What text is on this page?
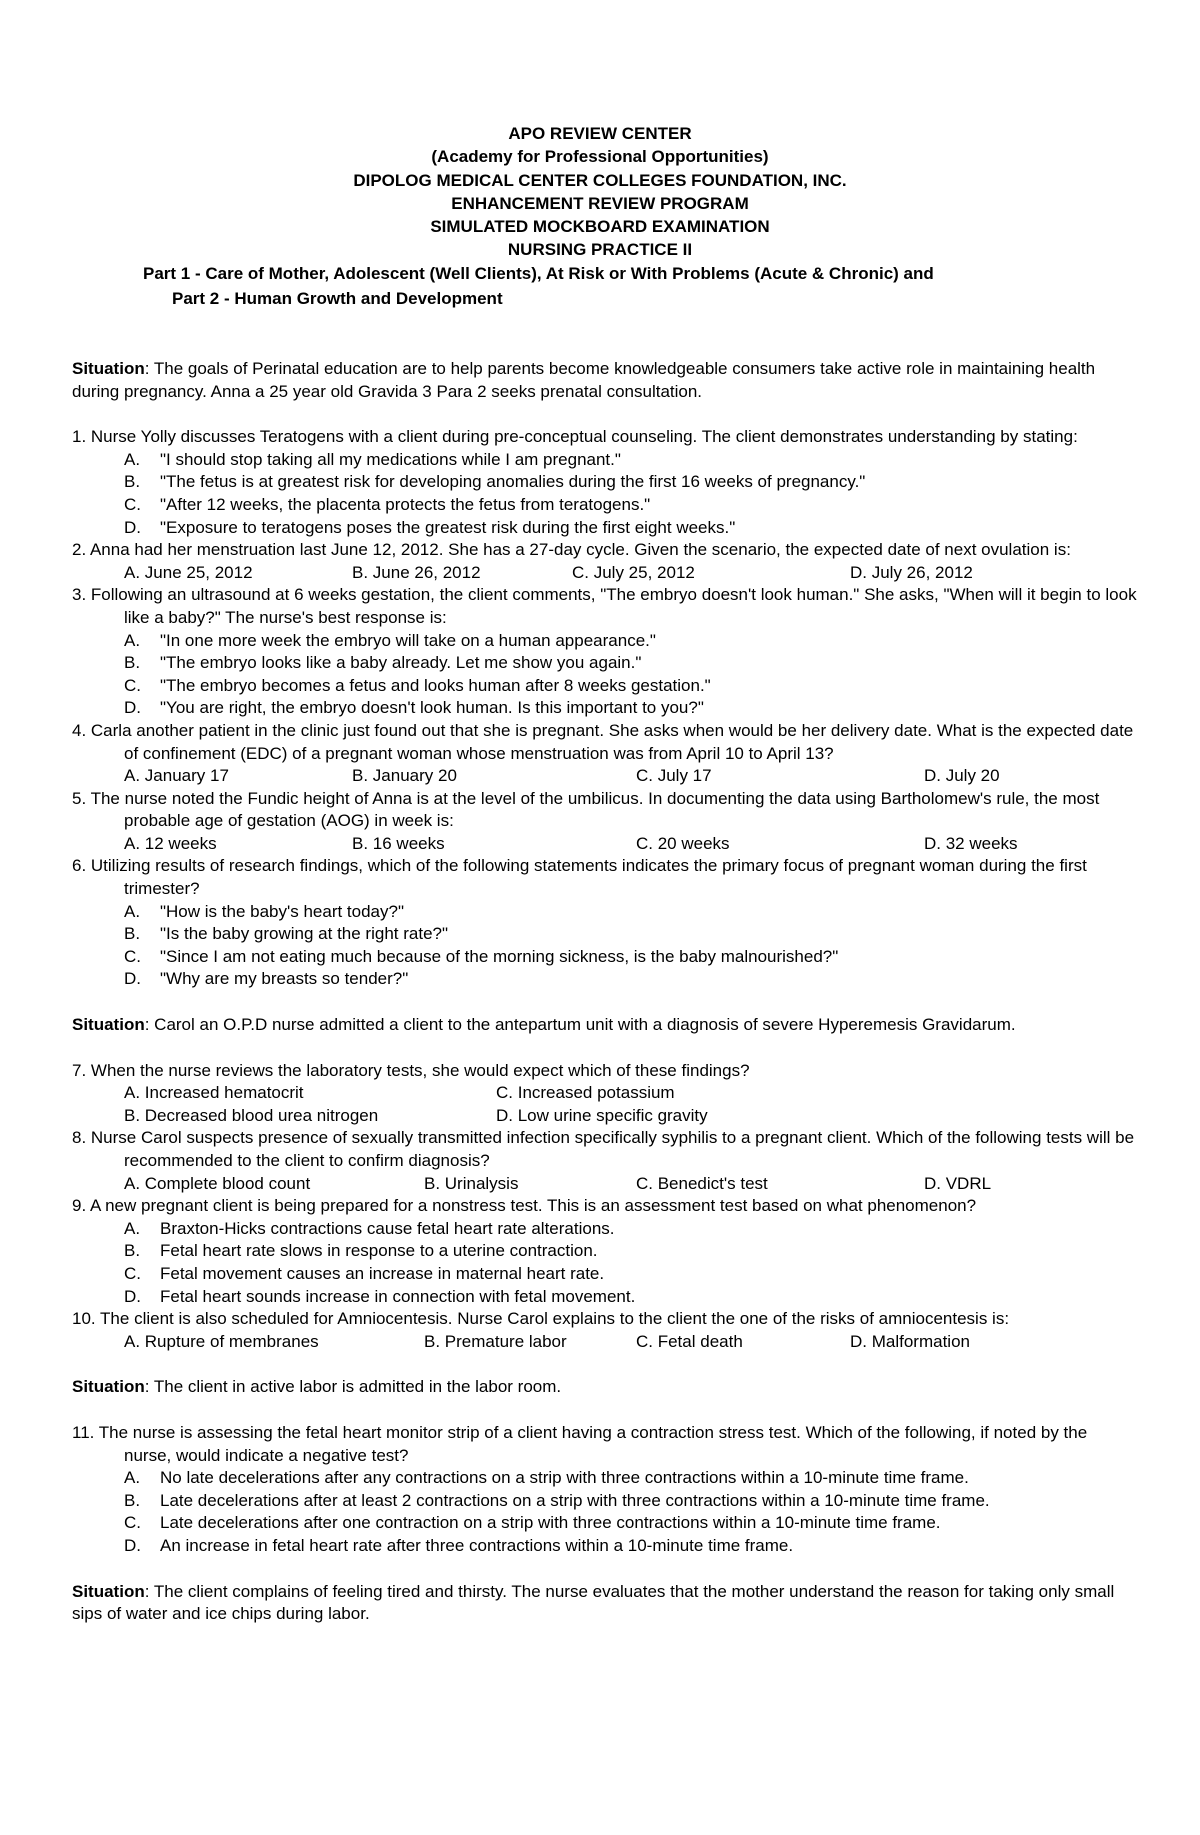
APO REVIEW CENTER
(Academy for Professional Opportunities)
DIPOLOG MEDICAL CENTER COLLEGES FOUNDATION, INC.
ENHANCEMENT REVIEW PROGRAM
SIMULATED MOCKBOARD EXAMINATION
NURSING PRACTICE II
Part 1 - Care of Mother, Adolescent (Well Clients), At Risk or With Problems (Acute & Chronic) and
Part 2 - Human Growth and Development

Situation: The goals of Perinatal education are to help parents become knowledgeable consumers take active role in maintaining health during pregnancy. Anna a 25 year old Gravida 3 Para 2 seeks prenatal consultation.

1. Nurse Yolly discusses Teratogens with a client during pre-conceptual counseling. The client demonstrates understanding by stating:
A. "I should stop taking all my medications while I am pregnant."
B. "The fetus is at greatest risk for developing anomalies during the first 16 weeks of pregnancy."
C. "After 12 weeks, the placenta protects the fetus from teratogens."
D. "Exposure to teratogens poses the greatest risk during the first eight weeks."
2. Anna had her menstruation last June 12, 2012. She has a 27-day cycle. Given the scenario, the expected date of next ovulation is:
A. June 25, 2012	B. June 26, 2012	C. July 25, 2012	D. July 26, 2012
3. Following an ultrasound at 6 weeks gestation, the client comments, "The embryo doesn't look human." She asks, "When will it begin to look like a baby?" The nurse's best response is:
A. "In one more week the embryo will take on a human appearance."
B. "The embryo looks like a baby already. Let me show you again."
C. "The embryo becomes a fetus and looks human after 8 weeks gestation."
D. "You are right, the embryo doesn't look human. Is this important to you?"
4. Carla another patient in the clinic just found out that she is pregnant. She asks when would be her delivery date. What is the expected date of confinement (EDC) of a pregnant woman whose menstruation was from April 10 to April 13?
A. January 17	B. January 20	C. July 17	D. July 20
5. The nurse noted the Fundic height of Anna is at the level of the umbilicus. In documenting the data using Bartholomew's rule, the most probable age of gestation (AOG) in week is:
A. 12 weeks	B. 16 weeks	C. 20 weeks	D. 32 weeks
6. Utilizing results of research findings, which of the following statements indicates the primary focus of pregnant woman during the first trimester?
A. "How is the baby's heart today?"
B. "Is the baby growing at the right rate?"
C. "Since I am not eating much because of the morning sickness, is the baby malnourished?"
D. "Why are my breasts so tender?"

Situation: Carol an O.P.D nurse admitted a client to the antepartum unit with a diagnosis of severe Hyperemesis Gravidarum.

7. When the nurse reviews the laboratory tests, she would expect which of these findings?
A. Increased hematocrit	C. Increased potassium
B. Decreased blood urea nitrogen	D. Low urine specific gravity
8. Nurse Carol suspects presence of sexually transmitted infection specifically syphilis to a pregnant client. Which of the following tests will be recommended to the client to confirm diagnosis?
A. Complete blood count	B. Urinalysis	C. Benedict's test	D. VDRL
9. A new pregnant client is being prepared for a nonstress test. This is an assessment test based on what phenomenon?
A. Braxton-Hicks contractions cause fetal heart rate alterations.
B. Fetal heart rate slows in response to a uterine contraction.
C. Fetal movement causes an increase in maternal heart rate.
D. Fetal heart sounds increase in connection with fetal movement.
10. The client is also scheduled for Amniocentesis. Nurse Carol explains to the client the one of the risks of amniocentesis is:
A. Rupture of membranes	B. Premature labor	C. Fetal death	D. Malformation

Situation: The client in active labor is admitted in the labor room.

11. The nurse is assessing the fetal heart monitor strip of a client having a contraction stress test. Which of the following, if noted by the nurse, would indicate a negative test?
A. No late decelerations after any contractions on a strip with three contractions within a 10-minute time frame.
B. Late decelerations after at least 2 contractions on a strip with three contractions within a 10-minute time frame.
C. Late decelerations after one contraction on a strip with three contractions within a 10-minute time frame.
D. An increase in fetal heart rate after three contractions within a 10-minute time frame.

Situation: The client complains of feeling tired and thirsty. The nurse evaluates that the mother understand the reason for taking only small sips of water and ice chips during labor.
